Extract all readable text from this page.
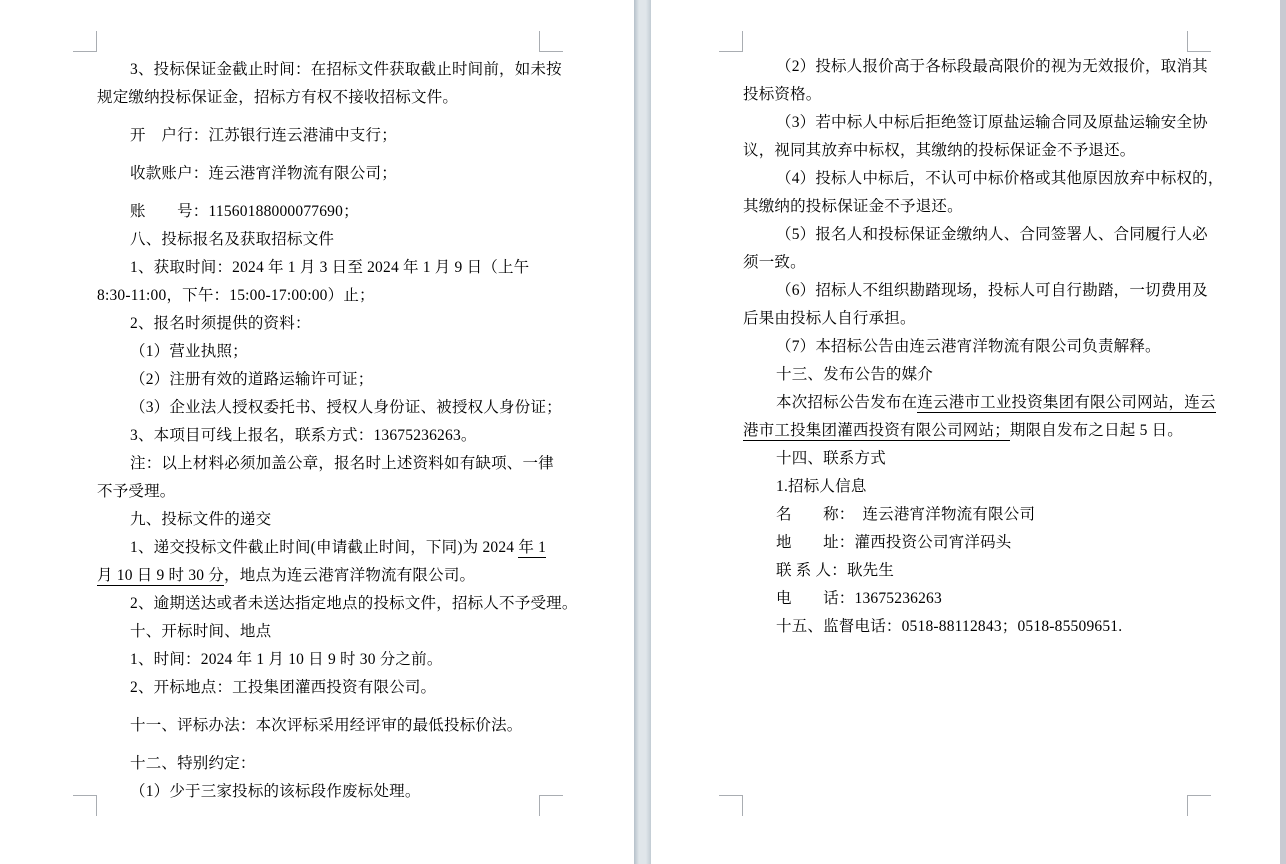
3、投标保证金截止时间：在招标文件获取截止时间前，如未按
规定缴纳投标保证金，招标方有权不接收招标文件。
开　户行：江苏银行连云港浦中支行；
收款账户：连云港宵洋物流有限公司；
账　　号：11560188000077690；
八、投标报名及获取招标文件
1、获取时间：2024 年 1 月 3 日至 2024 年 1 月 9 日（上午
8:30-11:00，下午：15:00-17:00:00）止；
2、报名时须提供的资料：
（1）营业执照；
（2）注册有效的道路运输许可证；
（3）企业法人授权委托书、授权人身份证、被授权人身份证；
3、本项目可线上报名，联系方式：13675236263。
注：以上材料必须加盖公章，报名时上述资料如有缺项、一律
不予受理。
九、投标文件的递交
1、递交投标文件截止时间(申请截止时间，下同)为 2024 年 1
月 10 日 9 时 30 分，地点为连云港宵洋物流有限公司。
2、逾期送达或者未送达指定地点的投标文件，招标人不予受理。
十、开标时间、地点
1、时间：2024 年 1 月 10 日 9 时 30 分之前。
2、开标地点：工投集团灌西投资有限公司。
十一、评标办法：本次评标采用经评审的最低投标价法。
十二、特别约定：
（1）少于三家投标的该标段作废标处理。
（2）投标人报价高于各标段最高限价的视为无效报价，取消其
投标资格。
（3）若中标人中标后拒绝签订原盐运输合同及原盐运输安全协
议，视同其放弃中标权，其缴纳的投标保证金不予退还。
（4）投标人中标后，不认可中标价格或其他原因放弃中标权的，
其缴纳的投标保证金不予退还。
（5）报名人和投标保证金缴纳人、合同签署人、合同履行人必
须一致。
（6）招标人不组织勘踏现场，投标人可自行勘踏，一切费用及
后果由投标人自行承担。
（7）本招标公告由连云港宵洋物流有限公司负责解释。
十三、发布公告的媒介
本次招标公告发布在连云港市工业投资集团有限公司网站，连云
港市工投集团灌西投资有限公司网站；期限自发布之日起 5 日。
十四、联系方式
1.招标人信息
名　　称：　连云港宵洋物流有限公司
地　　址：灌西投资公司宵洋码头
联 系 人：耿先生
电　　话：13675236263
十五、监督电话：0518-88112843；0518-85509651.
